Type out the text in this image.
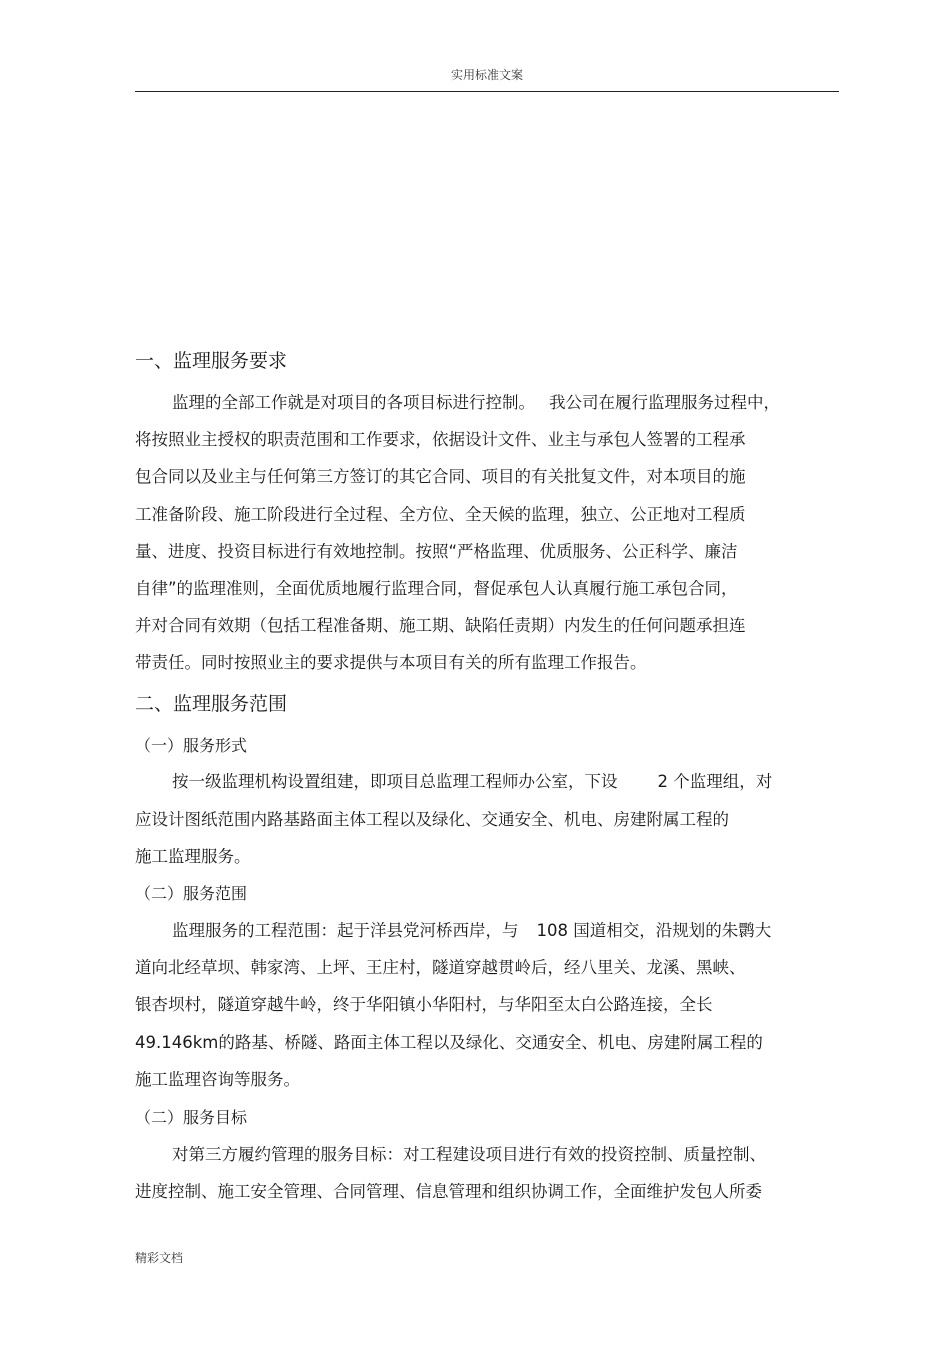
实用标准文案
一、监理服务要求
监理的全部工作就是对项目的各项目标进行控制。 我公司在履行监理服务过程中，
将按照业主授权的职责范围和工作要求，依据设计文件、业主与承包人签署的工程承
包合同以及业主与任何第三方签订的其它合同、项目的有关批复文件，对本项目的施
工准备阶段、施工阶段进行全过程、全方位、全天候的监理，独立、公正地对工程质
量、进度、投资目标进行有效地控制。按照“严格监理、优质服务、公正科学、廉洁
自律”的监理准则，全面优质地履行监理合同，督促承包人认真履行施工承包合同，
并对合同有效期（包括工程准备期、施工期、缺陷任责期）内发生的任何问题承担连
带责任。同时按照业主的要求提供与本项目有关的所有监理工作报告。
二、监理服务范围
（一）服务形式
按一级监理机构设置组建，即项目总监理工程师办公室，下设 2 个监理组，对
应设计图纸范围内路基路面主体工程以及绿化、交通安全、机电、房建附属工程的
施工监理服务。
（二）服务范围
监理服务的工程范围：起于洋县党河桥西岸，与 108 国道相交，沿规划的朱鹮大
道向北经草坝、韩家湾、上坪、王庄村，隧道穿越贯岭后，经八里关、龙溪、黑峡、
银杏坝村，隧道穿越牛岭，终于华阳镇小华阳村，与华阳至太白公路连接，全长
49.146km的路基、桥隧、路面主体工程以及绿化、交通安全、机电、房建附属工程的
施工监理咨询等服务。
（二）服务目标
对第三方履约管理的服务目标：对工程建设项目进行有效的投资控制、质量控制、
进度控制、施工安全管理、合同管理、信息管理和组织协调工作，全面维护发包人所委
精彩文档
